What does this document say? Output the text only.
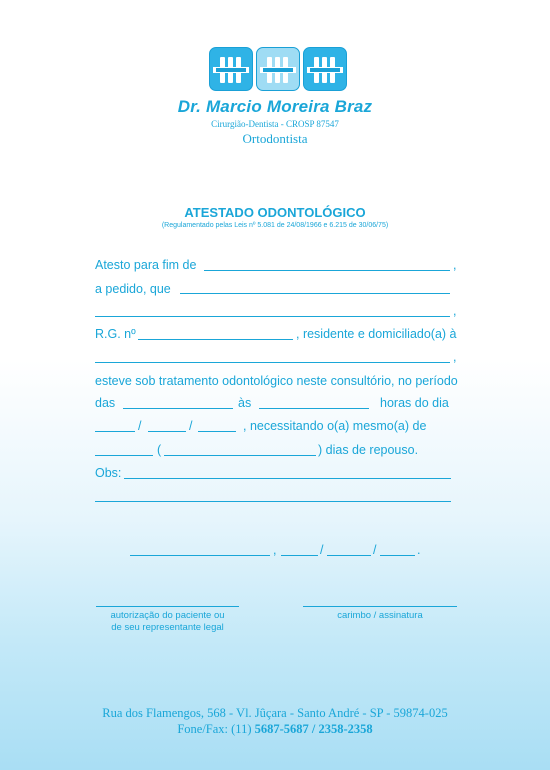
Dr. Marcio Moreira Braz
Cirurgião-Dentista - CROSP 87547
Ortodontista
ATESTADO ODONTOLÓGICO
(Regulamentado pelas Leis nº 5.081 de 24/08/1966 e 6.215 de 30/06/75)
Atesto para fim de	,
a pedido, que
,
R.G. nº	, residente e domiciliado(a) à
,
esteve sob tratamento odontológico neste consultório, no período
das	às	horas do dia
/	/	, necessitando o(a) mesmo(a) de
(	) dias de repouso.
Obs:
,	/	/	.
autorização do paciente ou
de seu representante legal
carimbo / assinatura
Rua dos Flamengos, 568 - Vl. Jûçara - Santo André - SP - 59874-025
Fone/Fax: (11) 5687-5687 / 2358-2358
